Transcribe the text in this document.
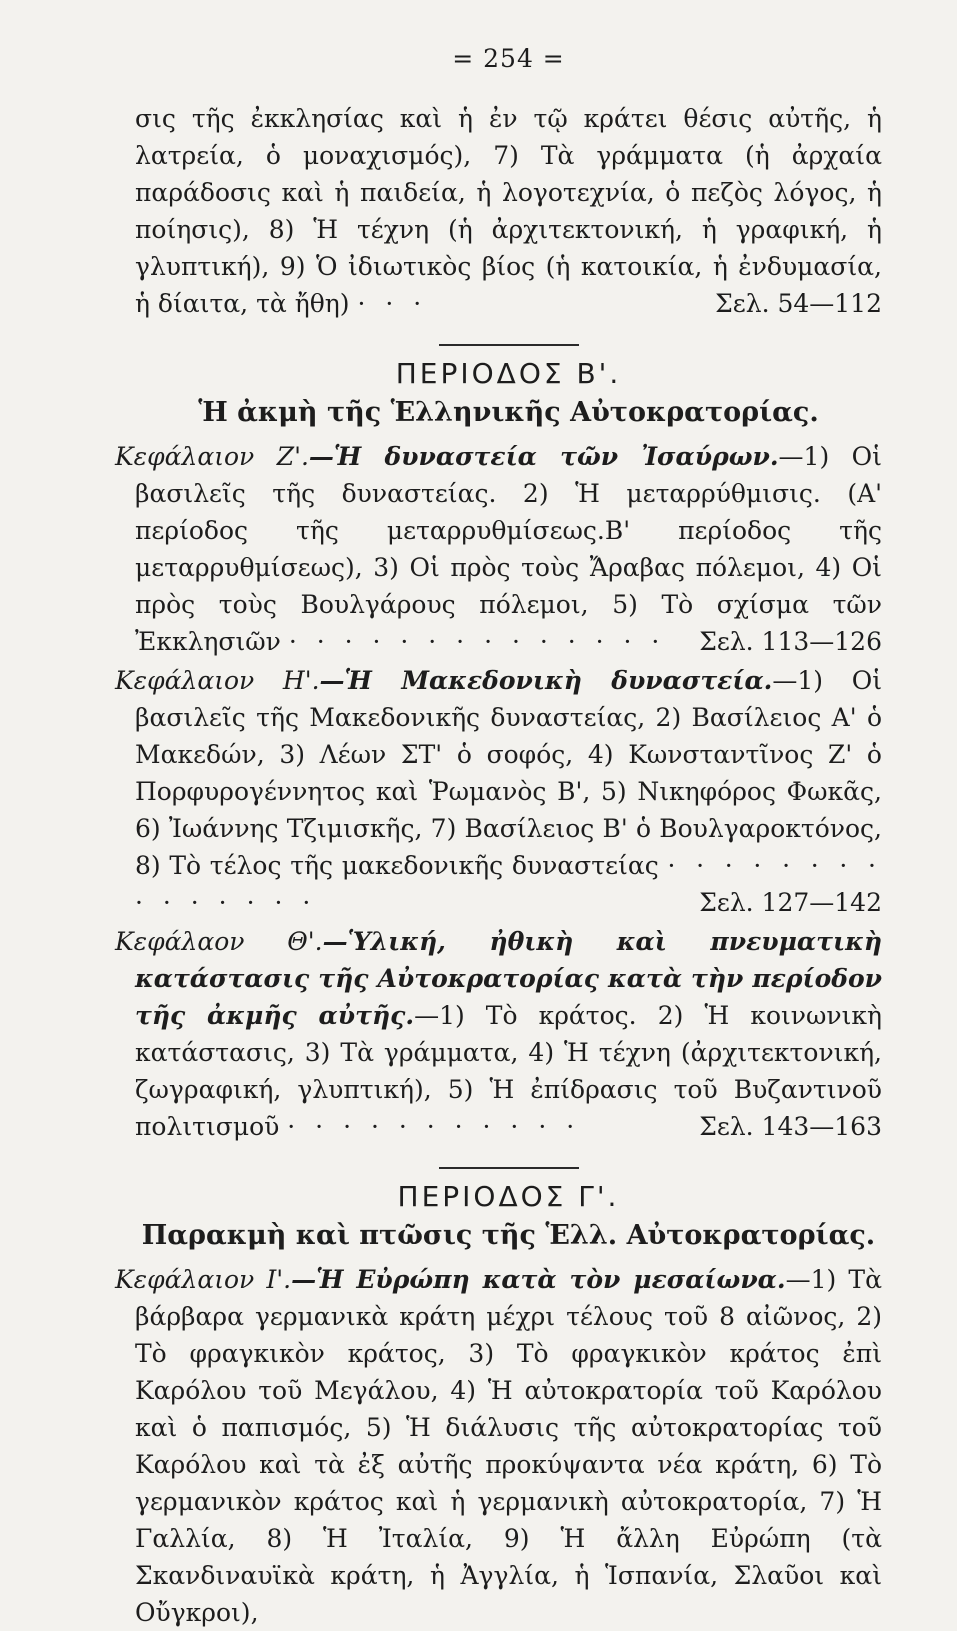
= 254 =
σις τῆς ἐκκλησίας καὶ ἡ ἐν τῷ κράτει θέσις αὐτῆς, ἡ λατρεία, ὁ μοναχισμός), 7) Τὰ γράμματα (ἡ ἀρχαία παράδοσις καὶ ἡ παιδεία, ἡ λογοτεχνία, ὁ πεζὸς λόγος, ἡ ποίησις), 8) Ἡ τέχνη (ἡ ἀρχιτεκτονική, ἡ γραφική, ἡ γλυπτική), 9) Ὁ ἰδιωτικὸς βίος (ἡ κατοικία, ἡ ἐνδυμασία, ἡ δίαιτα, τὰ ἤθη) · · ·	Σελ. 54—112
ΠΕΡΙΟΔΟΣ Β'.
Ἡ ἀκμὴ τῆς Ἑλληνικῆς Αὐτοκρατορίας.
Κεφάλαιον Ζ'.—Ἡ δυναστεία τῶν Ἰσαύρων.—1) Οἱ βασιλεῖς τῆς δυναστείας. 2) Ἡ μεταρρύθμισις. (Α' περίοδος τῆς μεταρρυθμίσεως.Β' περίοδος τῆς μεταρρυθμίσεως), 3) Οἱ πρὸς τοὺς Ἄραβας πόλεμοι, 4) Οἱ πρὸς τοὺς Βουλγάρους πόλεμοι, 5) Τὸ σχίσμα τῶν Ἐκκλησιῶν · · · · · · · · · · · · · · Σελ. 113—126
Κεφάλαιον Η'.—Ἡ Μακεδονικὴ δυναστεία.—1) Οἱ βασιλεῖς τῆς Μακεδονικῆς δυναστείας, 2) Βασίλειος Α' ὁ Μακεδών, 3) Λέων ΣΤ' ὁ σοφός, 4) Κωνσταντῖνος Ζ' ὁ Πορφυρογέννητος καὶ Ῥωμανὸς Β', 5) Νικηφόρος Φωκᾶς, 6) Ἰωάννης Τζιμισκῆς, 7) Βασίλειος Β' ὁ Βουλγαροκτόνος, 8) Τὸ τέλος τῆς μακεδονικῆς δυναστείας · · · · · · · · · · · · · · ·	Σελ. 127—142
Κεφάλαον Θ'.—Ὑλική, ἠθικὴ καὶ πνευματικὴ κατάστασις τῆς Αὐτοκρατορίας κατὰ τὴν περίοδον τῆς ἀκμῆς αὐτῆς.—1) Τὸ κράτος. 2) Ἡ κοινωνικὴ κατάστασις, 3) Τὰ γράμματα, 4) Ἡ τέχνη (ἀρχιτεκτονική, ζωγραφική, γλυπτική), 5) Ἡ ἐπίδρασις τοῦ Βυζαντινοῦ πολιτισμοῦ · · · · · · · · · · ·	Σελ. 143—163
ΠΕΡΙΟΔΟΣ Γ'.
Παρακμὴ καὶ πτῶσις τῆς Ἑλλ. Αὐτοκρατορίας.
Κεφάλαιον Ι'.—Ἡ Εὐρώπη κατὰ τὸν μεσαίωνα.—1) Τὰ βάρβαρα γερμανικὰ κράτη μέχρι τέλους τοῦ 8 αἰῶνος, 2) Τὸ φραγκικὸν κράτος, 3) Τὸ φραγκικὸν κράτος ἐπὶ Καρόλου τοῦ Μεγάλου, 4) Ἡ αὐτοκρατορία τοῦ Καρόλου καὶ ὁ παπισμός, 5) Ἡ διάλυσις τῆς αὐτοκρατορίας τοῦ Καρόλου καὶ τὰ ἐξ αὐτῆς προκύψαντα νέα κράτη, 6) Τὸ γερμανικὸν κράτος καὶ ἡ γερμανικὴ αὐτοκρατορία, 7) Ἡ Γαλλία, 8) Ἡ Ἰταλία, 9) Ἡ ἄλλη Εὐρώπη (τὰ Σκανδιναυϊκὰ κράτη, ἡ Ἀγγλία, ἡ Ἱσπανία, Σλαῦοι καὶ Οὔγκροι),
